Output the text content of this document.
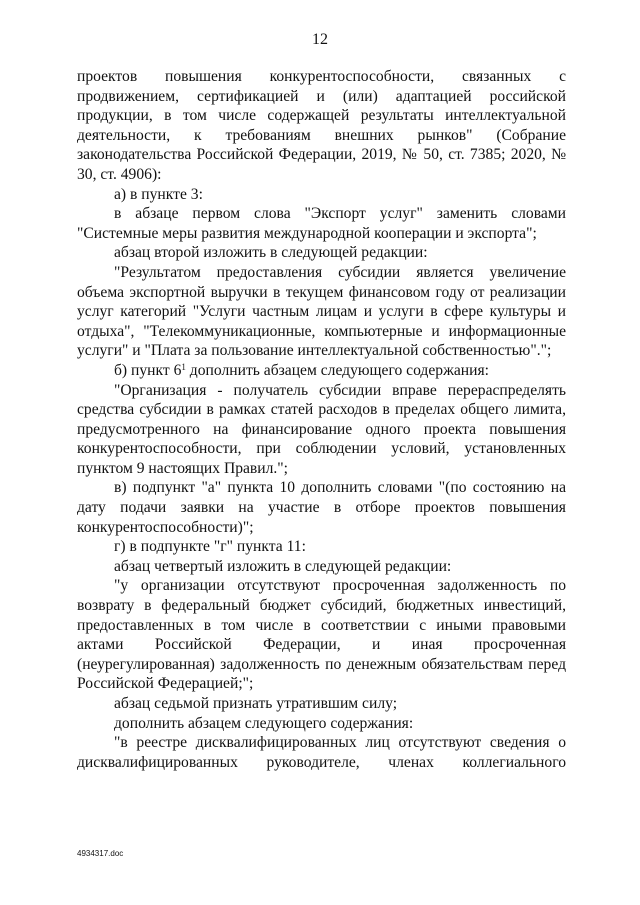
12

проектов повышения конкурентоспособности, связанных с продвижением, сертификацией и (или) адаптацией российской продукции, в том числе содержащей результаты интеллектуальной деятельности, к требованиям внешних рынков" (Собрание законодательства Российской Федерации, 2019, № 50, ст. 7385; 2020, № 30, ст. 4906):

а) в пункте 3:

в абзаце первом слова "Экспорт услуг" заменить словами "Системные меры развития международной кооперации и экспорта";

абзац второй изложить в следующей редакции:

"Результатом предоставления субсидии является увеличение объема экспортной выручки в текущем финансовом году от реализации услуг категорий "Услуги частным лицам и услуги в сфере культуры и отдыха", "Телекоммуникационные, компьютерные и информационные услуги" и "Плата за пользование интеллектуальной собственностью".";

б) пункт $6^1$ дополнить абзацем следующего содержания:

"Организация - получатель субсидии вправе перераспределять средства субсидии в рамках статей расходов в пределах общего лимита, предусмотренного на финансирование одного проекта повышения конкурентоспособности, при соблюдении условий, установленных пунктом 9 настоящих Правил.";

в) подпункт "а" пункта 10 дополнить словами "(по состоянию на дату подачи заявки на участие в отборе проектов повышения конкурентоспособности)";

г) в подпункте "г" пункта 11:

абзац четвертый изложить в следующей редакции:

"у организации отсутствуют просроченная задолженность по возврату в федеральный бюджет субсидий, бюджетных инвестиций, предоставленных в том числе в соответствии с иными правовыми актами Российской Федерации, и иная просроченная (неурегулированная) задолженность по денежным обязательствам перед Российской Федерацией;";

абзац седьмой признать утратившим силу;

дополнить абзацем следующего содержания:

"в реестре дисквалифицированных лиц отсутствуют сведения о дисквалифицированных руководителе, членах коллегиального

4934317.doc
